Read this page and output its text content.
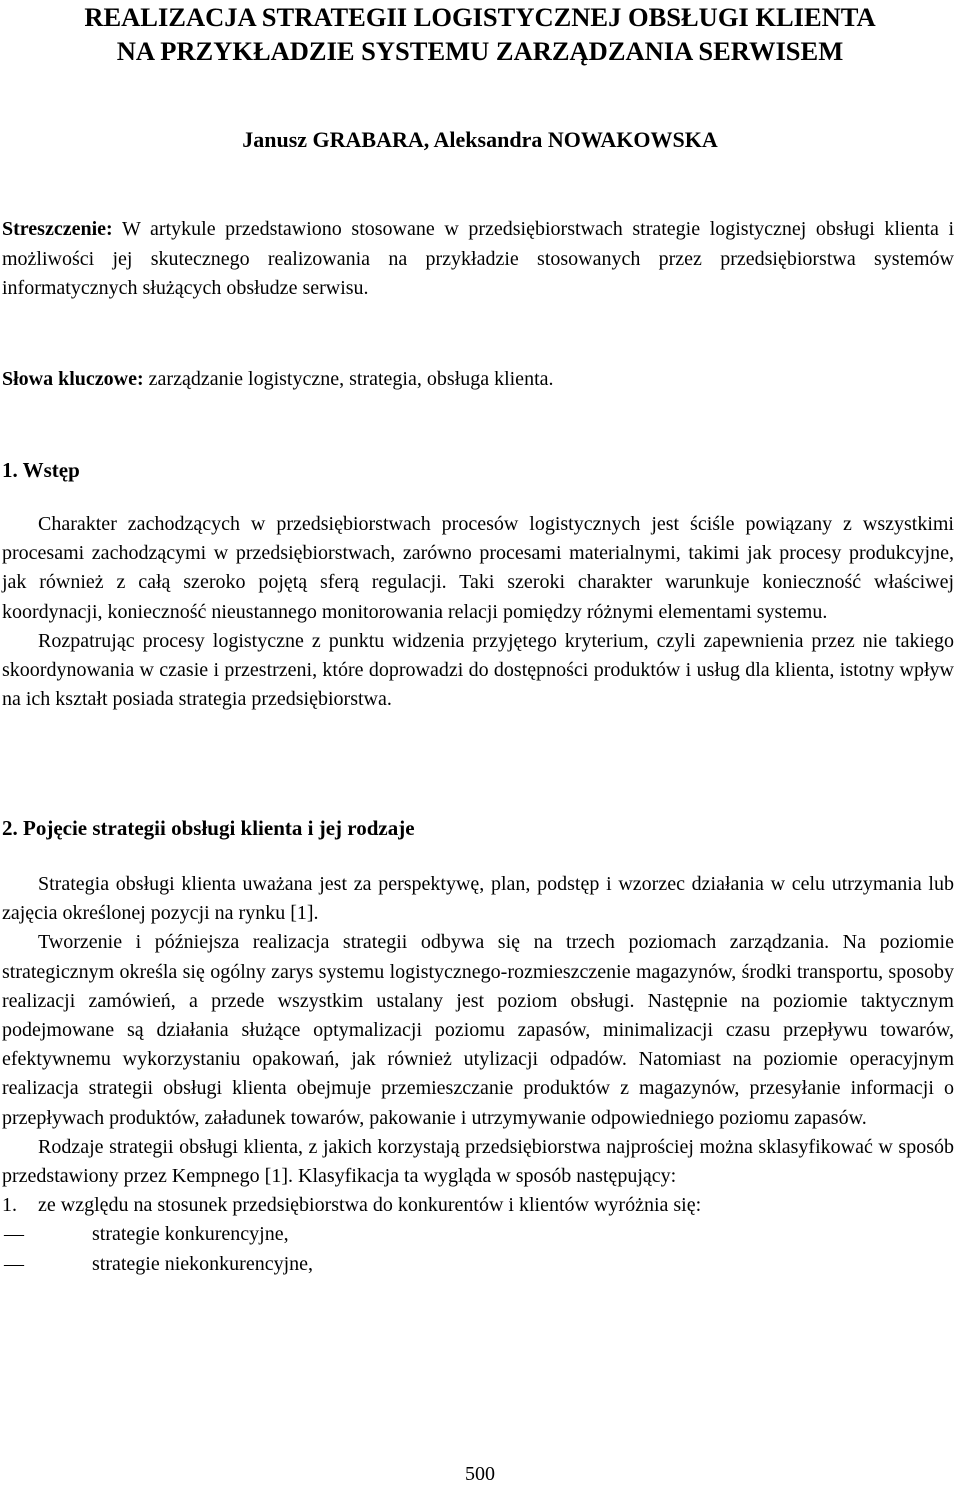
REALIZACJA STRATEGII LOGISTYCZNEJ OBSŁUGI KLIENTA
NA PRZYKŁADZIE SYSTEMU ZARZĄDZANIA SERWISEM

Janusz GRABARA, Aleksandra NOWAKOWSKA

Streszczenie: W artykule przedstawiono stosowane w przedsiębiorstwach strategie logistycznej obsługi klienta i możliwości jej skutecznego realizowania na przykładzie stosowanych przez przedsiębiorstwa systemów informatycznych służących obsłudze serwisu.

Słowa kluczowe: zarządzanie logistyczne, strategia, obsługa klienta.

1. Wstęp

Charakter zachodzących w przedsiębiorstwach procesów logistycznych jest ściśle powiązany z wszystkimi procesami zachodzącymi w przedsiębiorstwach, zarówno procesami materialnymi, takimi jak procesy produkcyjne, jak również z całą szeroko pojętą sferą regulacji. Taki szeroki charakter warunkuje konieczność właściwej koordynacji, konieczność nieustannego monitorowania relacji pomiędzy różnymi elementami systemu.

Rozpatrując procesy logistyczne z punktu widzenia przyjętego kryterium, czyli zapewnienia przez nie takiego skoordynowania w czasie i przestrzeni, które doprowadzi do dostępności produktów i usług dla klienta, istotny wpływ na ich kształt posiada strategia przedsiębiorstwa.

2. Pojęcie strategii obsługi klienta i jej rodzaje

Strategia obsługi klienta uważana jest za perspektywę, plan, podstęp i wzorzec działania w celu utrzymania lub zajęcia określonej pozycji na rynku [1].

Tworzenie i późniejsza realizacja strategii odbywa się na trzech poziomach zarządzania. Na poziomie strategicznym określa się ogólny zarys systemu logistycznego-rozmieszczenie magazynów, środki transportu, sposoby realizacji zamówień, a przede wszystkim ustalany jest poziom obsługi. Następnie na poziomie taktycznym podejmowane są działania służące optymalizacji poziomu zapasów, minimalizacji czasu przepływu towarów, efektywnemu wykorzystaniu opakowań, jak również utylizacji odpadów. Natomiast na poziomie operacyjnym realizacja strategii obsługi klienta obejmuje przemieszczanie produktów z magazynów, przesyłanie informacji o przepływach produktów, załadunek towarów, pakowanie i utrzymywanie odpowiedniego poziomu zapasów.

Rodzaje strategii obsługi klienta, z jakich korzystają przedsiębiorstwa najprościej można sklasyfikować w sposób przedstawiony przez Kempnego [1]. Klasyfikacja ta wygląda w sposób następujący:

1.	ze względu na stosunek przedsiębiorstwa do konkurentów i klientów wyróżnia się:
––	strategie konkurencyjne,
––	strategie niekonkurencyjne,

500
